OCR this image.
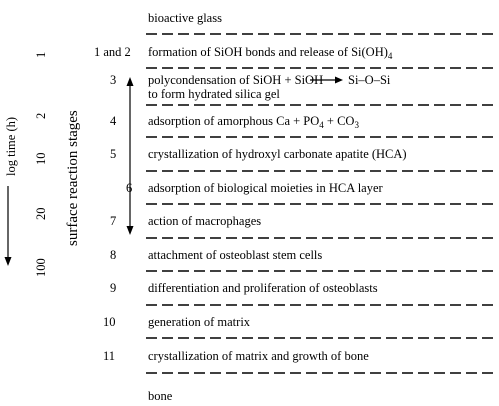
bioactive glass
bone
1 and 2 formation of SiOH bonds and release of $Si(OH)_4$
3	polycondensation of SiOH + SiOH Si–O–Si
to form hydrated silica gel
4	adsorption of amorphous $Ca + PO_4 + CO_3$
5	crystallization of hydroxyl carbonate apatite (HCA)
6 adsorption of biological moieties in HCA layer
7	action of macrophages
8	attachment of osteoblast stem cells
9	differentiation and proliferation of osteoblasts
10	generation of matrix
11	crystallization of matrix and growth of bone
surface reaction stages
log time (h)
1
2
10
20
100
